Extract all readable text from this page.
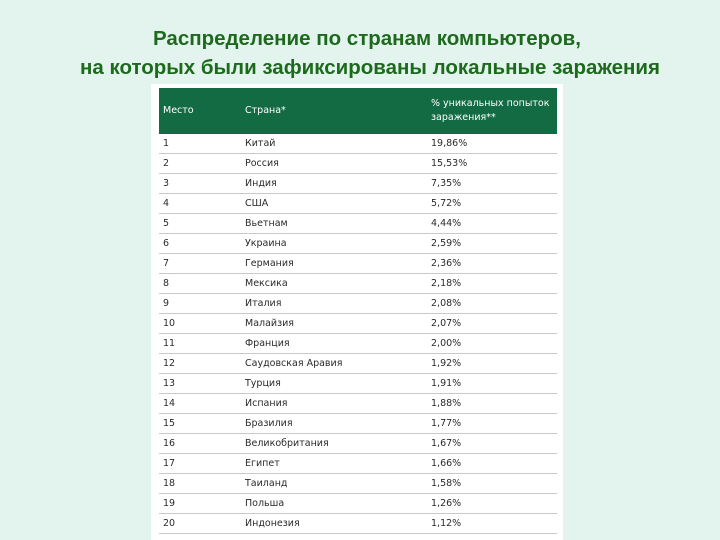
Распределение по странам компьютеров,
на которых были зафиксированы локальные заражения
Место	Страна*	% уникальных попыток заражения**
1	Китай	19,86%
2	Россия	15,53%
3	Индия	7,35%
4	США	5,72%
5	Вьетнам	4,44%
6	Украина	2,59%
7	Германия	2,36%
8	Мексика	2,18%
9	Италия	2,08%
10	Малайзия	2,07%
11	Франция	2,00%
12	Саудовская Аравия	1,92%
13	Турция	1,91%
14	Испания	1,88%
15	Бразилия	1,77%
16	Великобритания	1,67%
17	Египет	1,66%
18	Таиланд	1,58%
19	Польша	1,26%
20	Индонезия	1,12%
